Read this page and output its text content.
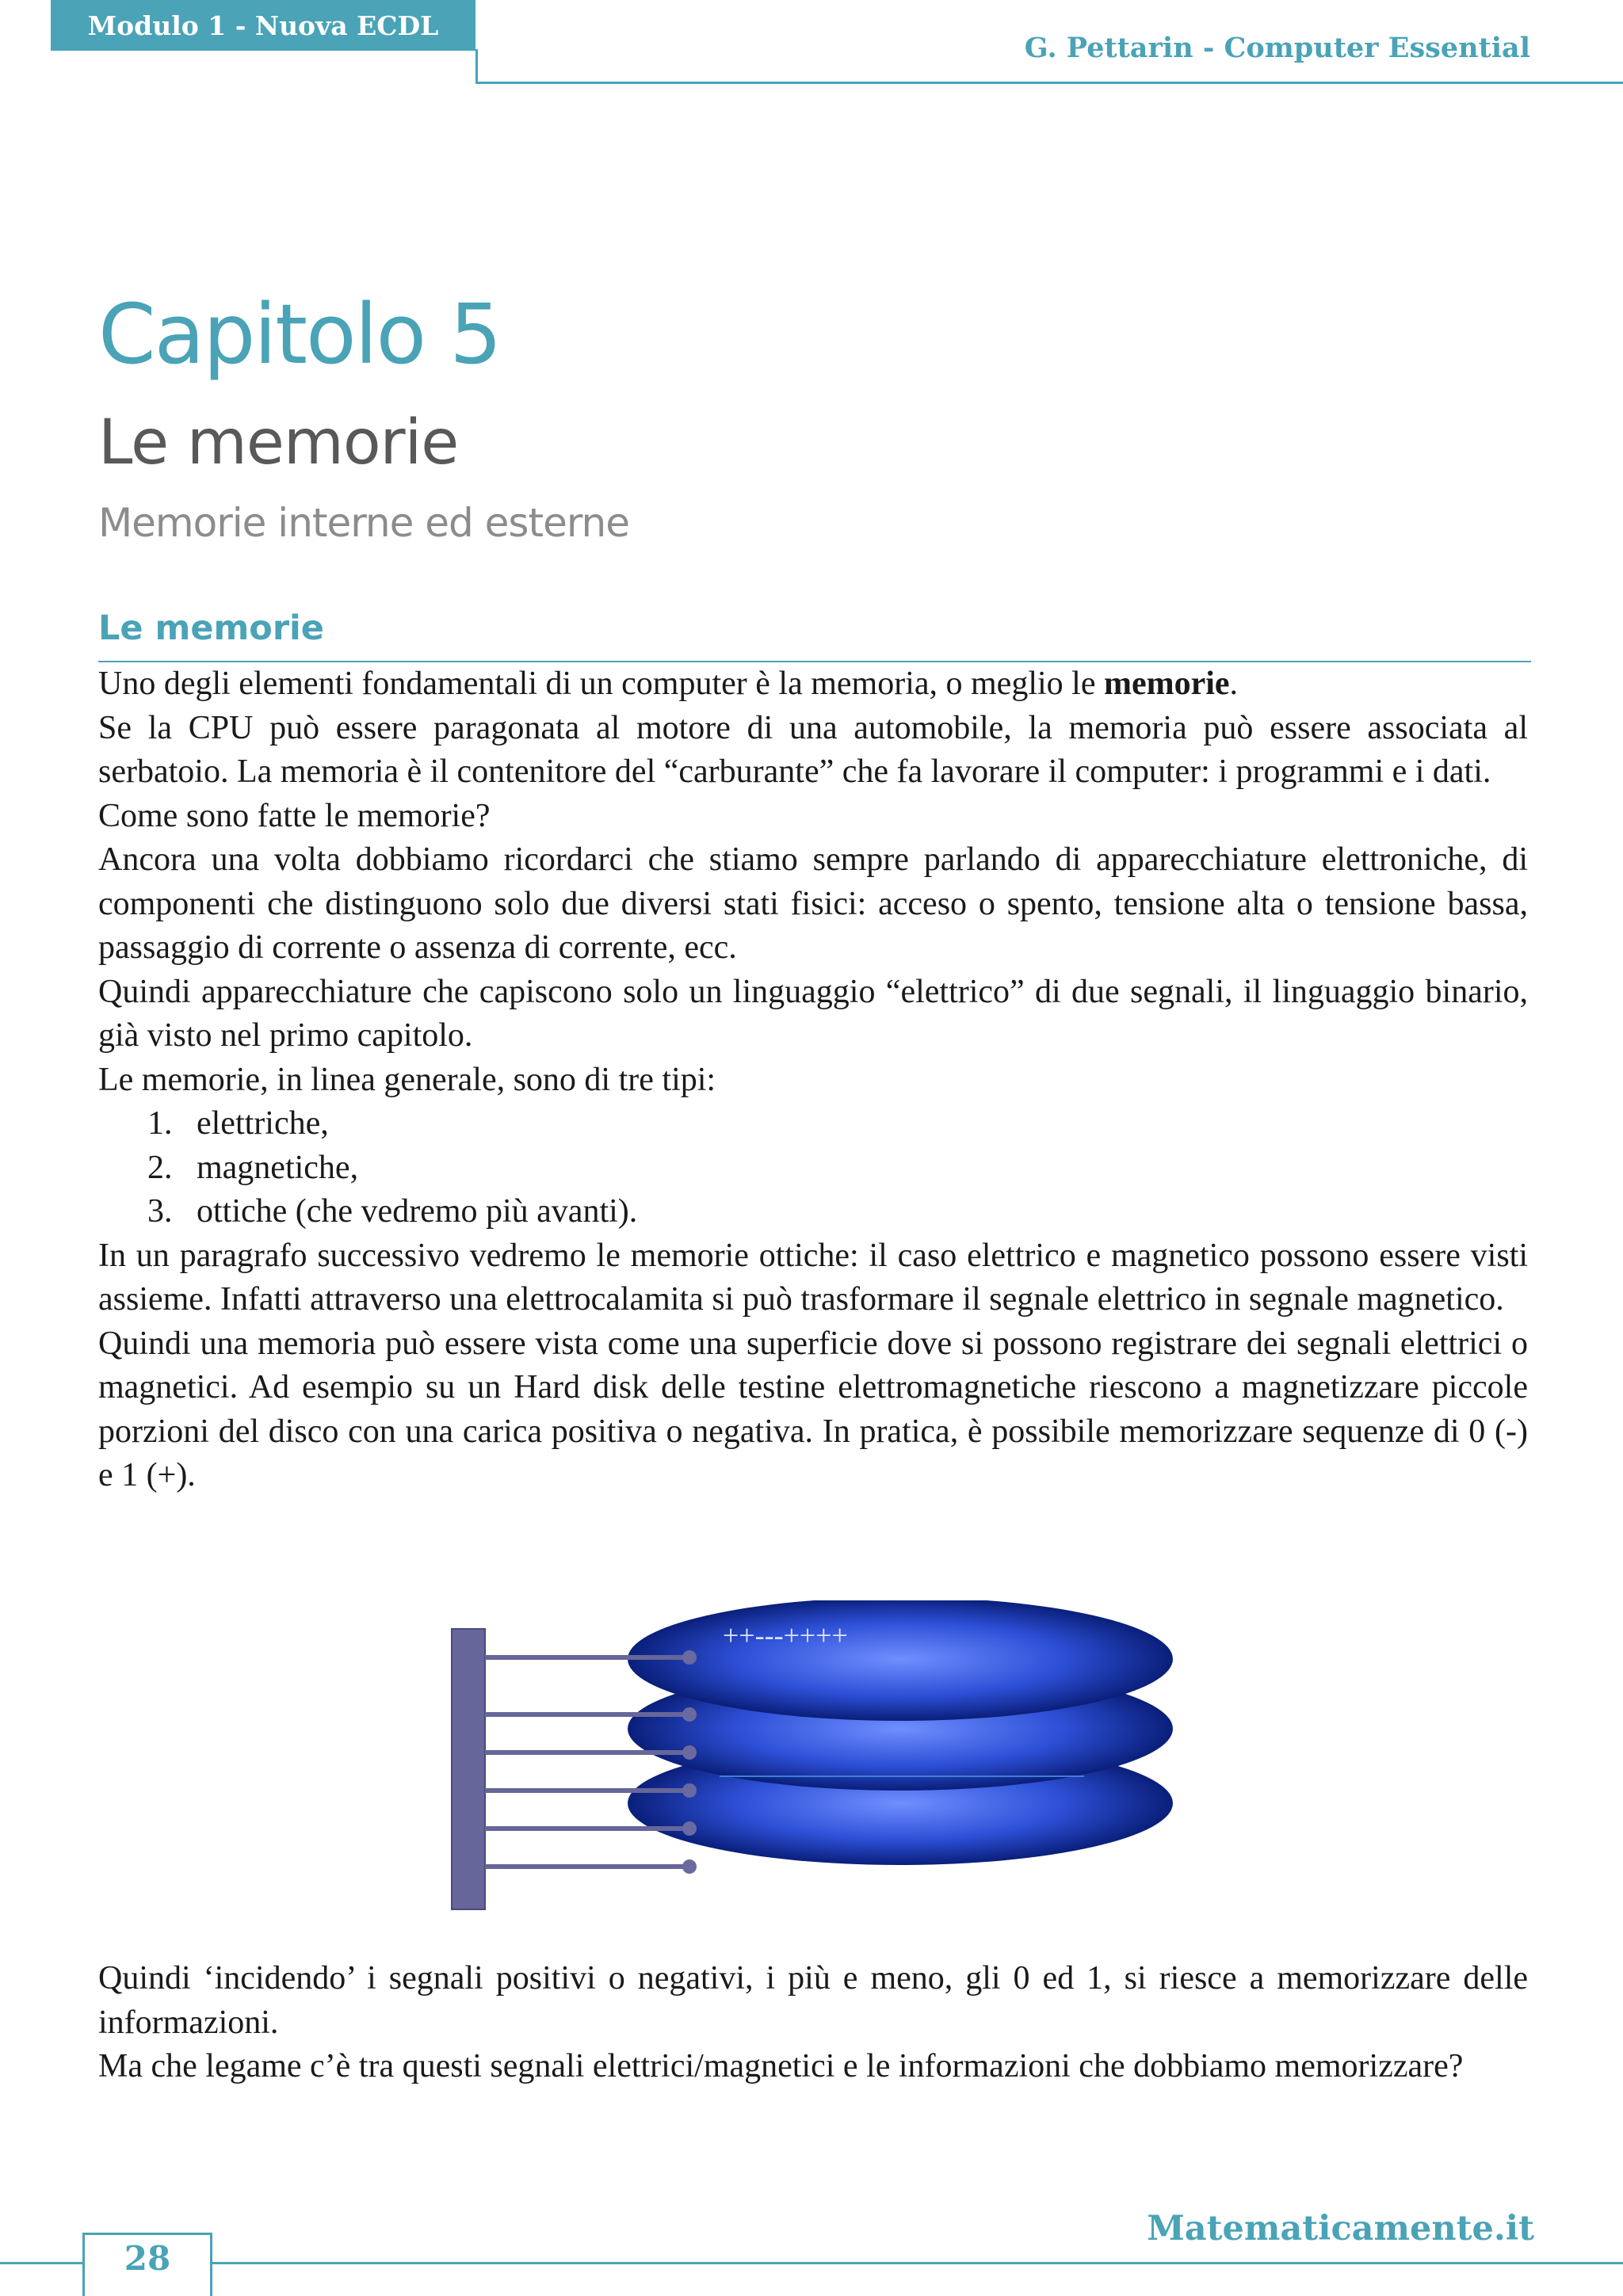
Modulo 1 - Nuova ECDL
G. Pettarin - Computer Essential
Capitolo 5
Le memorie
Memorie interne ed esterne
Le memorie

Uno degli elementi fondamentali di un computer è la memoria, o meglio le memorie.

Se la CPU può essere paragonata al motore di una automobile, la memoria può essere associata al serbatoio. La memoria è il contenitore del “carburante” che fa lavorare il computer: i programmi e i dati.

Come sono fatte le memorie?

Ancora una volta dobbiamo ricordarci che stiamo sempre parlando di apparecchiature elettroniche, di componenti che distinguono solo due diversi stati fisici: acceso o spento, tensione alta o tensione bassa, passaggio di corrente o assenza di corrente, ecc.

Quindi apparecchiature che capiscono solo un linguaggio “elettrico” di due segnali, il linguaggio binario, già visto nel primo capitolo.

Le memorie, in linea generale, sono di tre tipi:

1. elettriche,
2. magnetiche,
3. ottiche (che vedremo più avanti).

In un paragrafo successivo vedremo le memorie ottiche: il caso elettrico e magnetico possono essere visti assieme. Infatti attraverso una elettrocalamita si può trasformare il segnale elettrico in segnale magnetico.

Quindi una memoria può essere vista come una superficie dove si possono registrare dei segnali elettrici o magnetici. Ad esempio su un Hard disk delle testine elettromagnetiche riescono a magnetizzare piccole porzioni del disco con una carica positiva o negativa. In pratica, è possibile memorizzare sequenze di 0 (-) e 1 (+).

++---++++

Quindi ‘incidendo’ i segnali positivi o negativi, i più e meno, gli 0 ed 1, si riesce a memorizzare delle informazioni.

Ma che legame c’è tra questi segnali elettrici/magnetici e le informazioni che dobbiamo memorizzare?

28
Matematicamente.it
